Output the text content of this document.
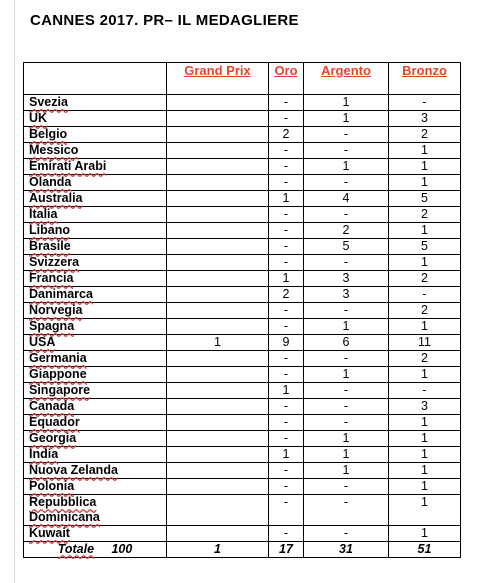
CANNES 2017. PR– IL MEDAGLIERE

	Grand Prix	Oro	Argento	Bronzo

Svezia		-	1	-
UK		-	1	3
Belgio		2	-	2
Messico		-	-	1
Emirati Arabi		-	1	1
Olanda		-	-	1
Australia		1	4	5
Italia		-	-	2
Libano		-	2	1
Brasile		-	5	5
Svizzera		-	-	1
Francia		1	3	2
Danimarca		2	3	-
Norvegia		-	-	2
Spagna		-	1	1
USA	1	9	6	11
Germania		-	-	2
Giappone		-	1	1
Singapore		1	-	-
Canada		-	-	3
Equador		-	-	1
Georgia		-	1	1
India		1	1	1
Nuova Zelanda		-	1	1
Polonia		-	-	1
Repubblica Dominicana		-	-	1
Kuwait		-	-	1
Totale 100	1	17	31	51
